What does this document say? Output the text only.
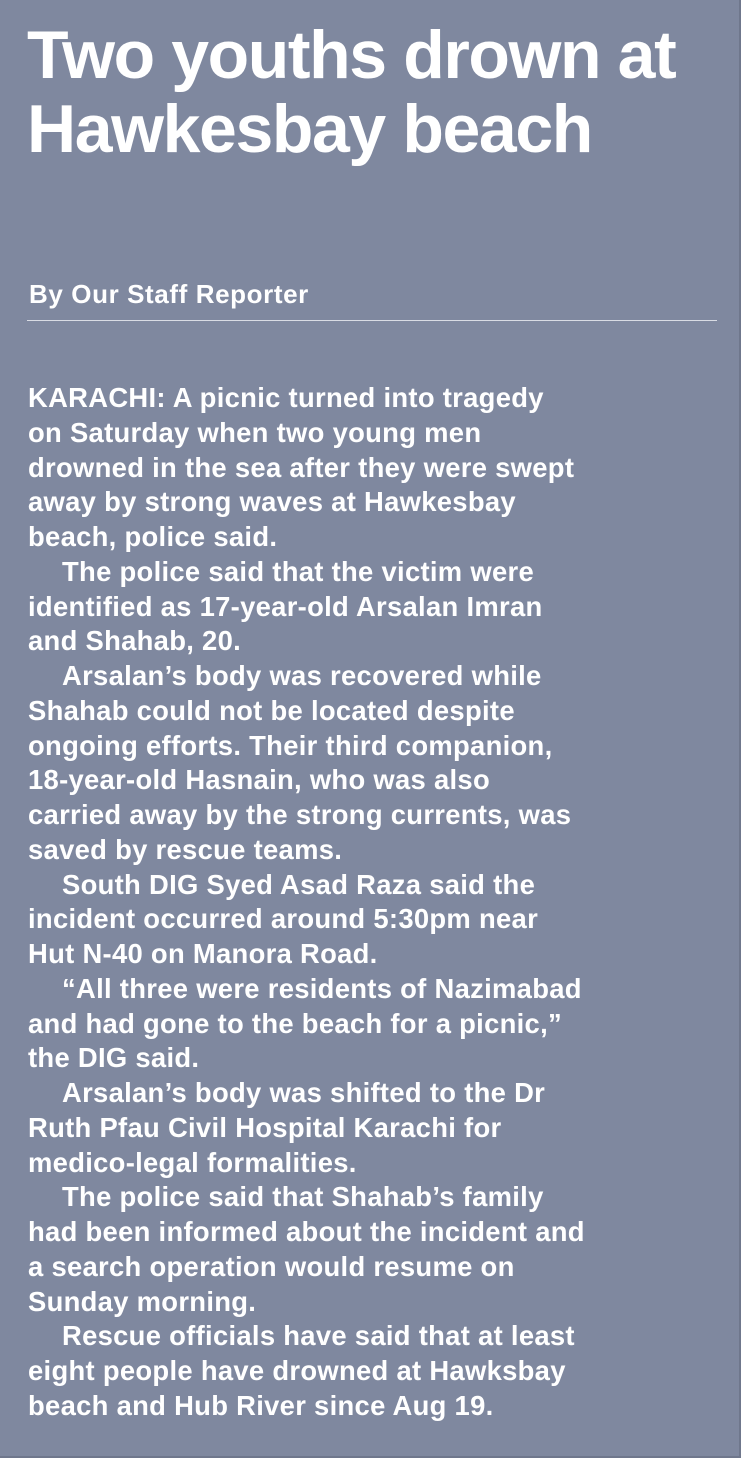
Two youths drown at Hawkesbay beach
By Our Staff Reporter

KARACHI: A picnic turned into tragedy
on Saturday when two young men
drowned in the sea after they were swept
away by strong waves at Hawkesbay
beach, police said.

The police said that the victim were
identified as 17-year-old Arsalan Imran
and Shahab, 20.

Arsalan’s body was recovered while
Shahab could not be located despite
ongoing efforts. Their third companion,
18-year-old Hasnain, who was also
carried away by the strong currents, was
saved by rescue teams.

South DIG Syed Asad Raza said the
incident occurred around 5:30pm near
Hut N-40 on Manora Road.

“All three were residents of Nazimabad
and had gone to the beach for a picnic,”
the DIG said.

Arsalan’s body was shifted to the Dr
Ruth Pfau Civil Hospital Karachi for
medico-legal formalities.

The police said that Shahab’s family
had been informed about the incident and
a search operation would resume on
Sunday morning.

Rescue officials have said that at least
eight people have drowned at Hawksbay
beach and Hub River since Aug 19.
